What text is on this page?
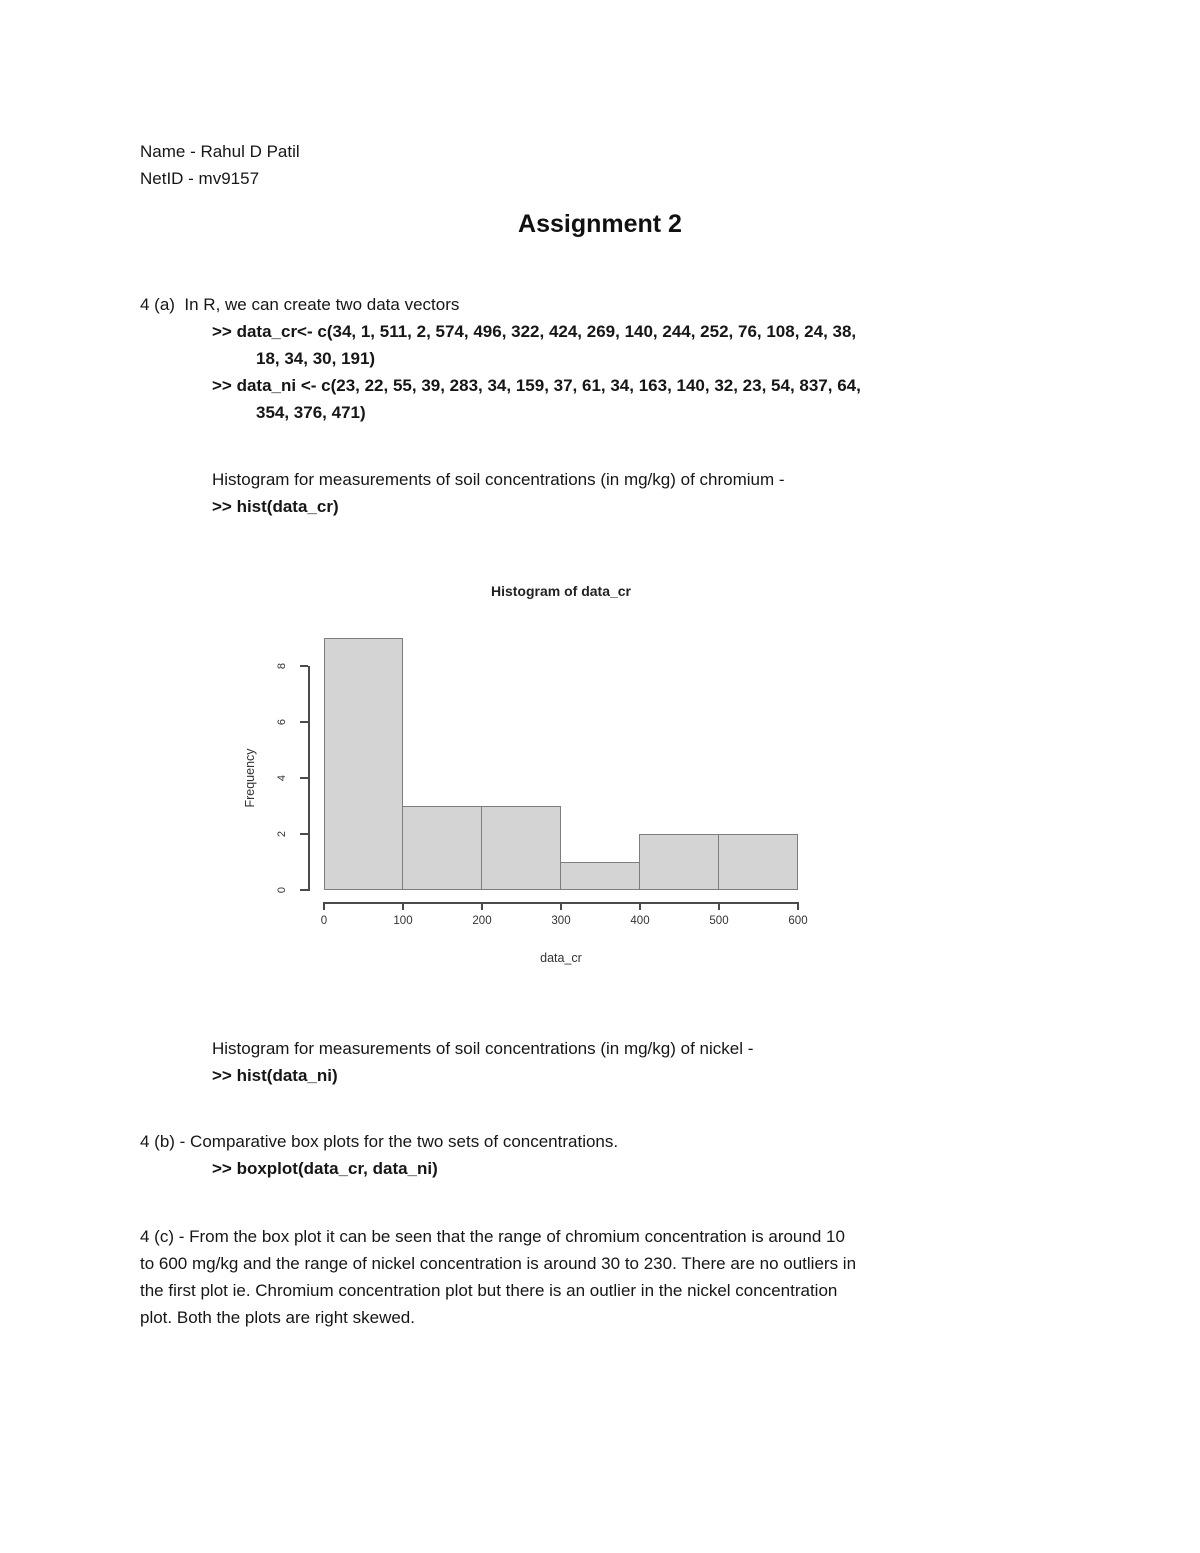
Name - Rahul D Patil
NetID - mv9157
Assignment 2
4 (a)  In R, we can create two data vectors
>> data_cr<- c(34, 1, 511, 2, 574, 496, 322, 424, 269, 140, 244, 252, 76, 108, 24, 38,
18, 34, 30, 191)
>> data_ni <- c(23, 22, 55, 39, 283, 34, 159, 37, 61, 34, 163, 140, 32, 23, 54, 837, 64,
354, 376, 471)
Histogram for measurements of soil concentrations (in mg/kg) of chromium -
>> hist(data_cr)
Histogram of data_cr
Frequency
data_cr
0
2
4
6
8
0	100	200	300	400	500	600
Histogram for measurements of soil concentrations (in mg/kg) of nickel -
>> hist(data_ni)
4 (b) - Comparative box plots for the two sets of concentrations.
>> boxplot(data_cr, data_ni)
4 (c) - From the box plot it can be seen that the range of chromium concentration is around 10
to 600 mg/kg and the range of nickel concentration is around 30 to 230. There are no outliers in
the first plot ie. Chromium concentration plot but there is an outlier in the nickel concentration
plot. Both the plots are right skewed.
